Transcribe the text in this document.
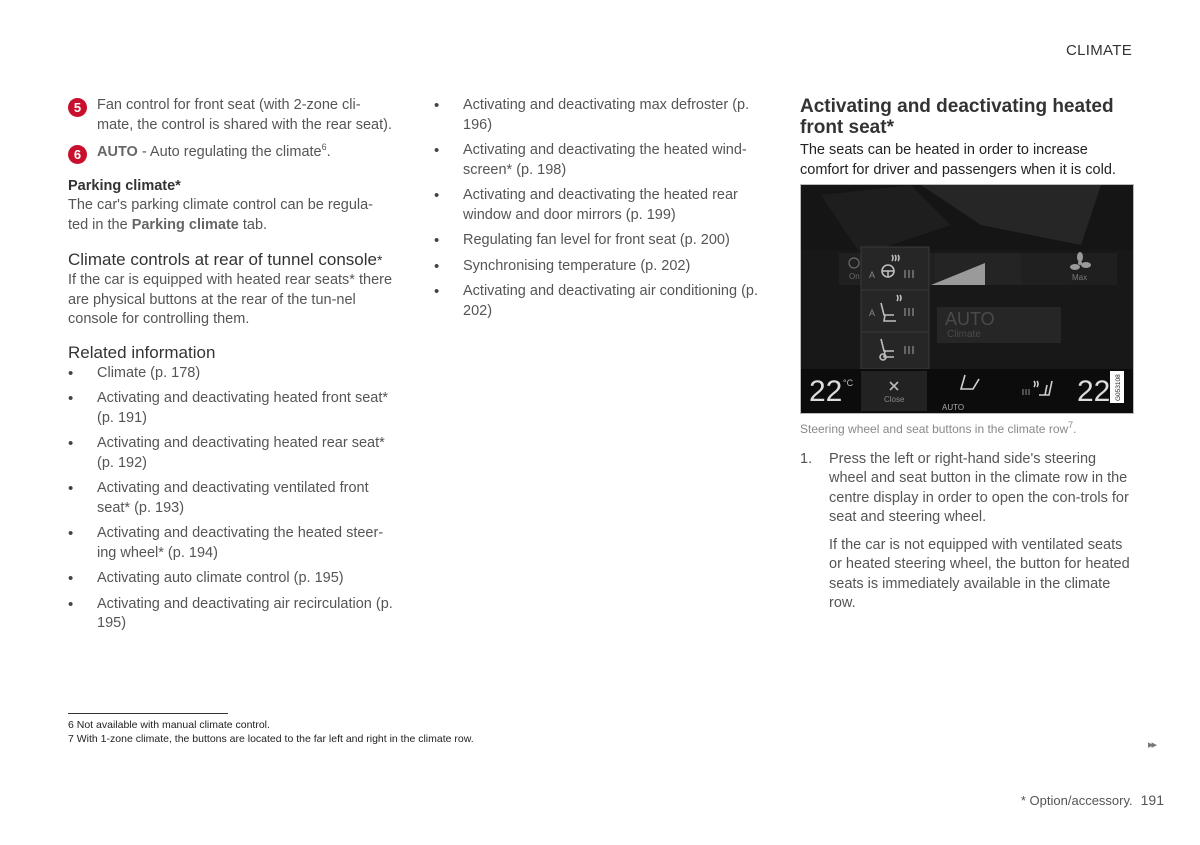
CLIMATE
5	Fan control for front seat (with 2-zone cli-mate, the control is shared with the rear seat).
6	AUTO - Auto regulating the climate$^6$.
Parking climate*
The car's parking climate control can be regula-ted in the Parking climate tab.
Climate controls at rear of tunnel console*
If the car is equipped with heated rear seats* there are physical buttons at the rear of the tun-nel console for controlling them.
Related information
• Climate (p. 178)
• Activating and deactivating heated front seat* (p. 191)
• Activating and deactivating heated rear seat* (p. 192)
• Activating and deactivating ventilated front seat* (p. 193)
• Activating and deactivating the heated steer-ing wheel* (p. 194)
• Activating auto climate control (p. 195)
• Activating and deactivating air recirculation (p. 195)
• Activating and deactivating max defroster (p. 196)
• Activating and deactivating the heated wind-screen* (p. 198)
• Activating and deactivating the heated rear window and door mirrors (p. 199)
• Regulating fan level for front seat (p. 200)
• Synchronising temperature (p. 202)
• Activating and deactivating air conditioning (p. 202)
Activating and deactivating heated front seat*
The seats can be heated in order to increase comfort for driver and passengers when it is cold.
A
A
On	Max
AUTO
Climate
22 °C
Close
AUTO	22 G053108
Steering wheel and seat buttons in the climate row$^7$.
1. Press the left or right-hand side's steering wheel and seat button in the climate row in the centre display in order to open the con-trols for seat and steering wheel.
If the car is not equipped with ventilated seats or heated steering wheel, the button for heated seats is immediately available in the climate row.
6 Not available with manual climate control.
7 With 1-zone climate, the buttons are located to the far left and right in the climate row.	▸▸
* Option/accessory. 191
